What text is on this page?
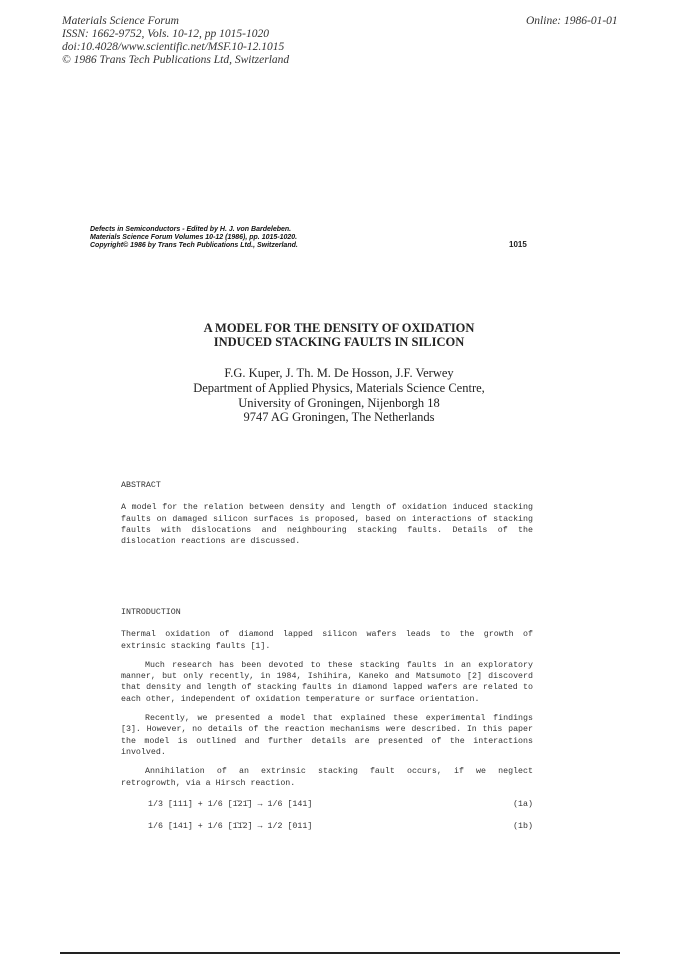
Materials Science Forum
ISSN: 1662-9752, Vols. 10-12, pp 1015-1020
doi:10.4028/www.scientific.net/MSF.10-12.1015
© 1986 Trans Tech Publications Ltd, Switzerland
Online: 1986-01-01
Defects in Semiconductors - Edited by H. J. von Bardeleben.
Materials Science Forum Volumes 10-12 (1986), pp. 1015-1020.
Copyright© 1986 by Trans Tech Publications Ltd., Switzerland.	1015
A MODEL FOR THE DENSITY OF OXIDATION
INDUCED STACKING FAULTS IN SILICON
F.G. Kuper, J. Th. M. De Hosson, J.F. Verwey
Department of Applied Physics, Materials Science Centre,
University of Groningen, Nijenborgh 18
9747 AG Groningen, The Netherlands

ABSTRACT

A model for the relation between density and length of oxidation induced stacking faults on damaged silicon surfaces is proposed, based on interactions of stacking faults with dislocations and neighbouring stacking faults. Details of the dislocation reactions are discussed.

INTRODUCTION

Thermal oxidation of diamond lapped silicon wafers leads to the growth of extrinsic stacking faults [1].

Much research has been devoted to these stacking faults in an exploratory manner, but only recently, in 1984, Ishihira, Kaneko and Matsumoto [2] discoverd that density and length of stacking faults in diamond lapped wafers are related to each other, independent of oxidation temperature or surface orientation.

Recently, we presented a model that explained these experimental findings [3]. However, no details of the reaction mechanisms were described. In this paper the model is outlined and further details are presented of the interactions involved.

Annihilation of an extrinsic stacking fault occurs, if we neglect retrogrowth, via a Hirsch reaction.

1/3 [111] + 1/6 [1̄21̄] → 1/6 [141]	(1a)
1/6 [141] + 1/6 [1̄1̄2] → 1/2 [011]	(1b)
